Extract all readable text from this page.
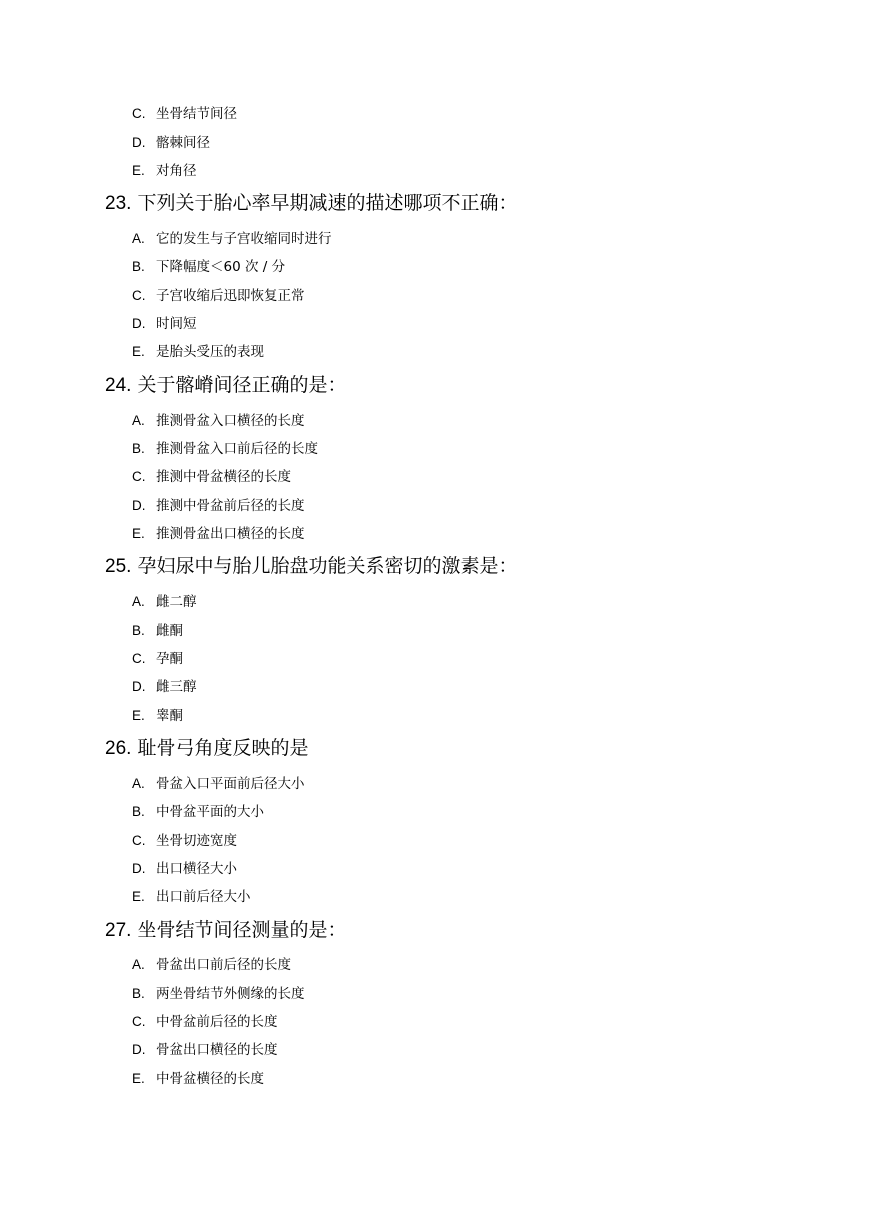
C. 坐骨结节间径
D. 髂棘间径
E. 对角径
23. 下列关于胎心率早期减速的描述哪项不正确：
A. 它的发生与子宫收缩同时进行
B. 下降幅度＜60 次 / 分
C. 子宫收缩后迅即恢复正常
D. 时间短
E. 是胎头受压的表现
24. 关于髂嵴间径正确的是：
A. 推测骨盆入口横径的长度
B. 推测骨盆入口前后径的长度
C. 推测中骨盆横径的长度
D. 推测中骨盆前后径的长度
E. 推测骨盆出口横径的长度
25. 孕妇尿中与胎儿胎盘功能关系密切的激素是：
A. 雌二醇
B. 雌酮
C. 孕酮
D. 雌三醇
E. 睾酮
26. 耻骨弓角度反映的是
A. 骨盆入口平面前后径大小
B. 中骨盆平面的大小
C. 坐骨切迹宽度
D. 出口横径大小
E. 出口前后径大小
27. 坐骨结节间径测量的是：
A. 骨盆出口前后径的长度
B. 两坐骨结节外侧缘的长度
C. 中骨盆前后径的长度
D. 骨盆出口横径的长度
E. 中骨盆横径的长度
